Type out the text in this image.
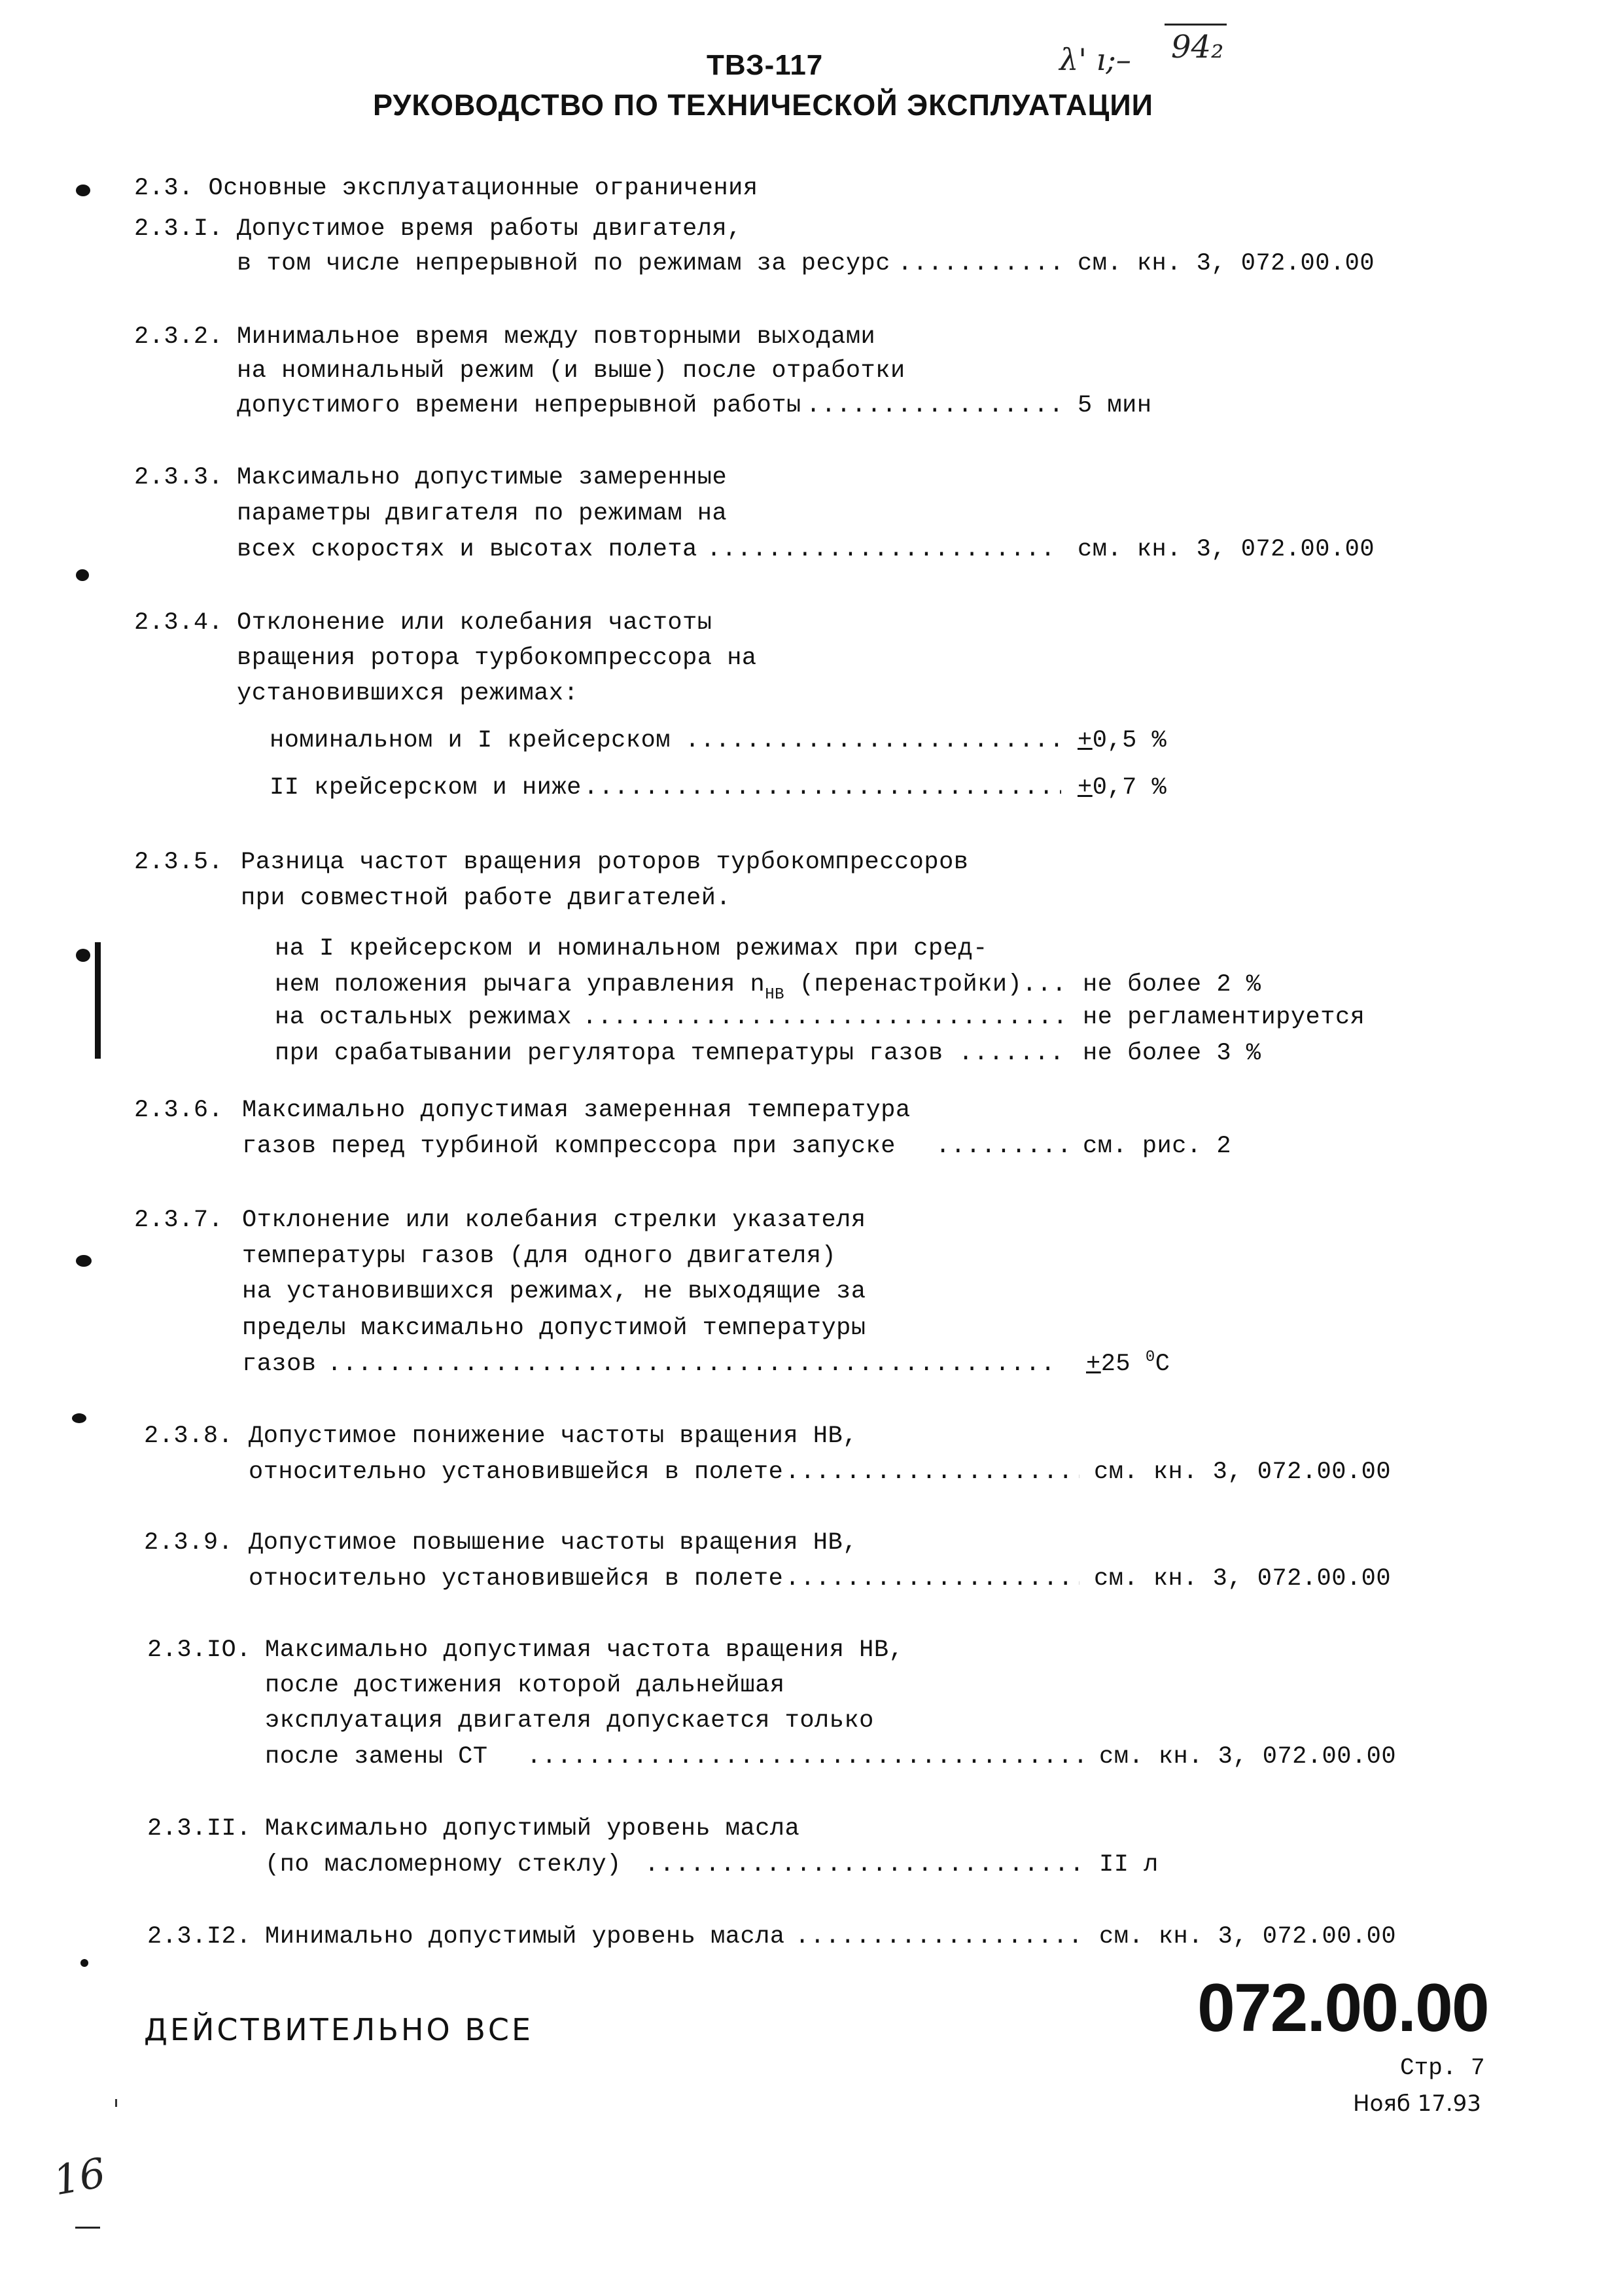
λ' ı;– 94₂
ТВЗ-117
РУКОВОДСТВО ПО ТЕХНИЧЕСКОЙ ЭКСПЛУАТАЦИИ
2.3. Основные эксплуатационные ограничения
2.3.I. Допустимое время работы двигателя,
в том числе непрерывной по режимам за ресурс .....	см. кн. 3, 072.00.00
2.3.2. Минимальное время между повторными выходами
на номинальный режим (и выше) после отработки
допустимого времени непрерывной работы .....	5 мин
2.3.3. Максимально допустимые замеренные
параметры двигателя по режимам на
всех скоростях и высотах полета .....	см. кн. 3, 072.00.00
2.3.4. Отклонение или колебания частоты
вращения ротора турбокомпрессора на
установившихся режимах:
номинальном и I крейсерском .....	+0,5 %
II крейсерском и ниже .....	+0,7 %
2.3.5. Разница частот вращения роторов турбокомпрессоров
при совместной работе двигателей.
на I крейсерском и номинальном режимах при сред-
нем положения рычага управления $n_{НВ}$ (перенастройки)... не более 2 %
на остальных режимах .....	не регламентируется
при срабатывании регулятора температуры газов .....	не более 3 %
2.3.6. Максимально допустимая замеренная температура
газов перед турбиной компрессора при запуске .....	см. рис. 2
2.3.7. Отклонение или колебания стрелки указателя
температуры газов (для одного двигателя)
на установившихся режимах, не выходящие за
пределы максимально допустимой температуры
газов .....	+25 $^0$C
2.3.8. Допустимое понижение частоты вращения НВ,
относительно установившейся в полете .....	см. кн. 3, 072.00.00
2.3.9. Допустимое повышение частоты вращения НВ,
относительно установившейся в полете .....	см. кн. 3, 072.00.00
2.3.IO. Максимально допустимая частота вращения НВ,
после достижения которой дальнейшая
эксплуатация двигателя допускается только
после замены СТ .....	см. кн. 3, 072.00.00
2.3.II. Максимально допустимый уровень масла
(по масломерному стеклу) .....	II л
2.3.I2. Минимально допустимый уровень масла .....	см. кн. 3, 072.00.00
ДЕЙСТВИТЕЛЬНО ВСЕ	072.00.00
Стр. 7
Нояб 17.93
16
